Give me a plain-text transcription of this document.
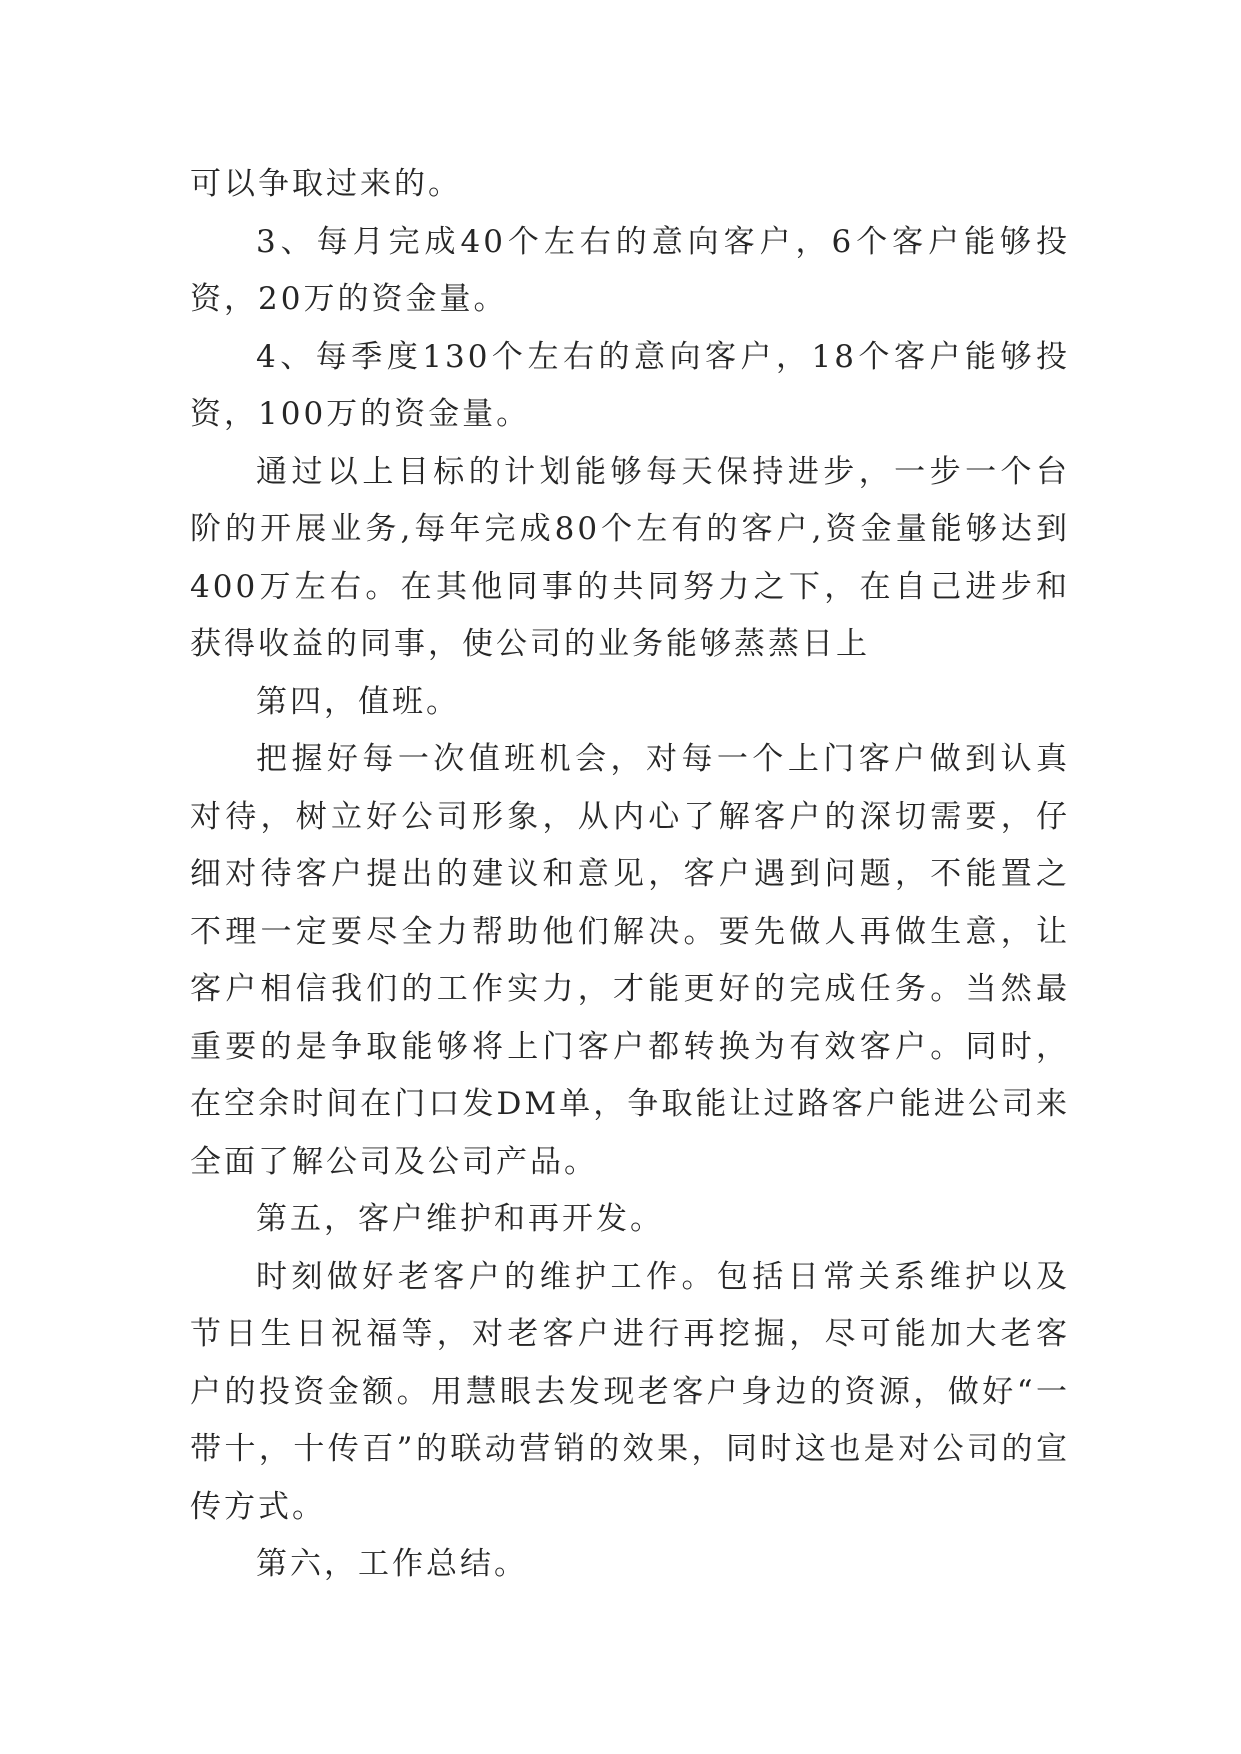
可以争取过来的。

3、每月完成40个左右的意向客户，6个客户能够投资，20万的资金量。

4、每季度130个左右的意向客户，18个客户能够投资，100万的资金量。

通过以上目标的计划能够每天保持进步，一步一个台阶的开展业务,每年完成80个左有的客户,资金量能够达到400万左右。在其他同事的共同努力之下，在自己进步和获得收益的同事，使公司的业务能够蒸蒸日上

第四，值班。

把握好每一次值班机会，对每一个上门客户做到认真对待，树立好公司形象，从内心了解客户的深切需要，仔细对待客户提出的建议和意见，客户遇到问题，不能置之不理一定要尽全力帮助他们解决。要先做人再做生意，让客户相信我们的工作实力，才能更好的完成任务。当然最重要的是争取能够将上门客户都转换为有效客户。同时，在空余时间在门口发DM单，争取能让过路客户能进公司来全面了解公司及公司产品。

第五，客户维护和再开发。

时刻做好老客户的维护工作。包括日常关系维护以及节日生日祝福等，对老客户进行再挖掘，尽可能加大老客户的投资金额。用慧眼去发现老客户身边的资源，做好“一带十，十传百”的联动营销的效果，同时这也是对公司的宣传方式。

第六，工作总结。
